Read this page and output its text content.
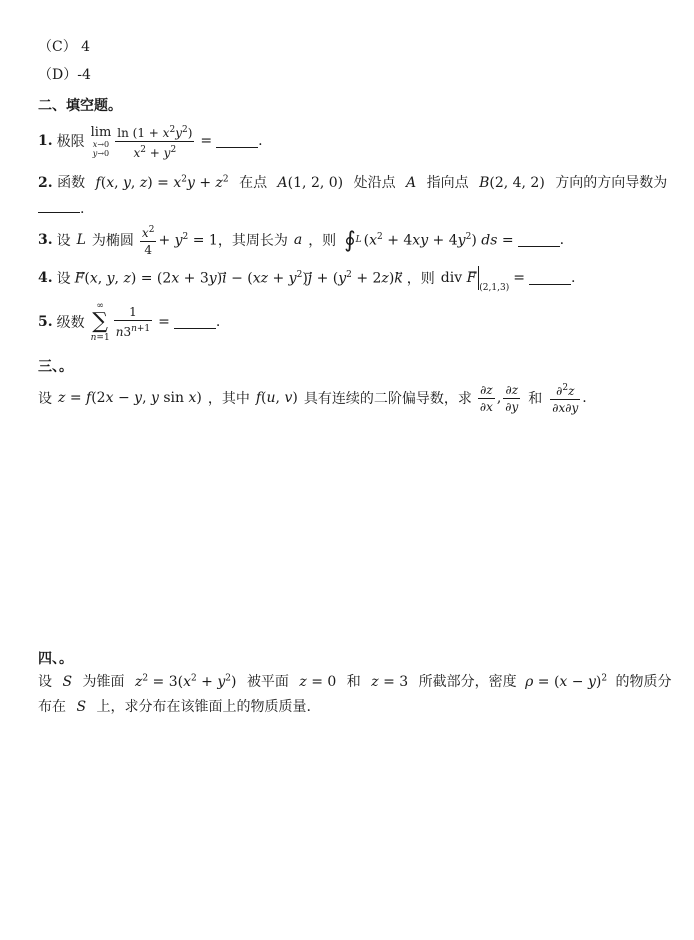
（C） 4
（D）-4
二、填空题。
1. 极限
lim
x→0
$y\to 0 \frac{\ln (1 + x^2y^2)}{x^2 + y^2}$ =	.
2. 函数 f(x, y, $z) = x^2y + z^2$ 在点 A(1, 2, 0) 处沿点 A 指向点 B(2, 4, 2) 方向的方向导数为
.
3. 设 L 为椭圆 $\frac{x^2}{4} + y^2 = 1$ ，其周长为 a ，则 ∮ L $(x^2 + 4xy + 4y^2)$ ds =	.
4. 设 F⃗(x, y, z) = (2x + 3y)i⃗ − $(xz + y^2)j⃗ + (y^2 + 2z)k$ ，则 div F
(2,1,3)
=	.
5. 级数
∞
∑
$n=1 \frac{1}{n3^{n+1}}$ =	.
三、。
设 z = f(2x − y, y sin x) ，其中 f(u, v) 具有连续的二阶偏导数，求 $\frac{\partial z}{\partial x}$ , $\frac{\partial z}{\partial y}$ 和 $\frac{\partial^2z}{\partial x\partial y}$ .
四、。
设 S 为锥面 $z^2 = 3(x^2 + y^2)$ 被平面 z = 0 和 z = 3 所截部分，密度 $\rho = (x - y)^2$ 的物质分
布在 S 上，求分布在该锥面上的物质质量.
